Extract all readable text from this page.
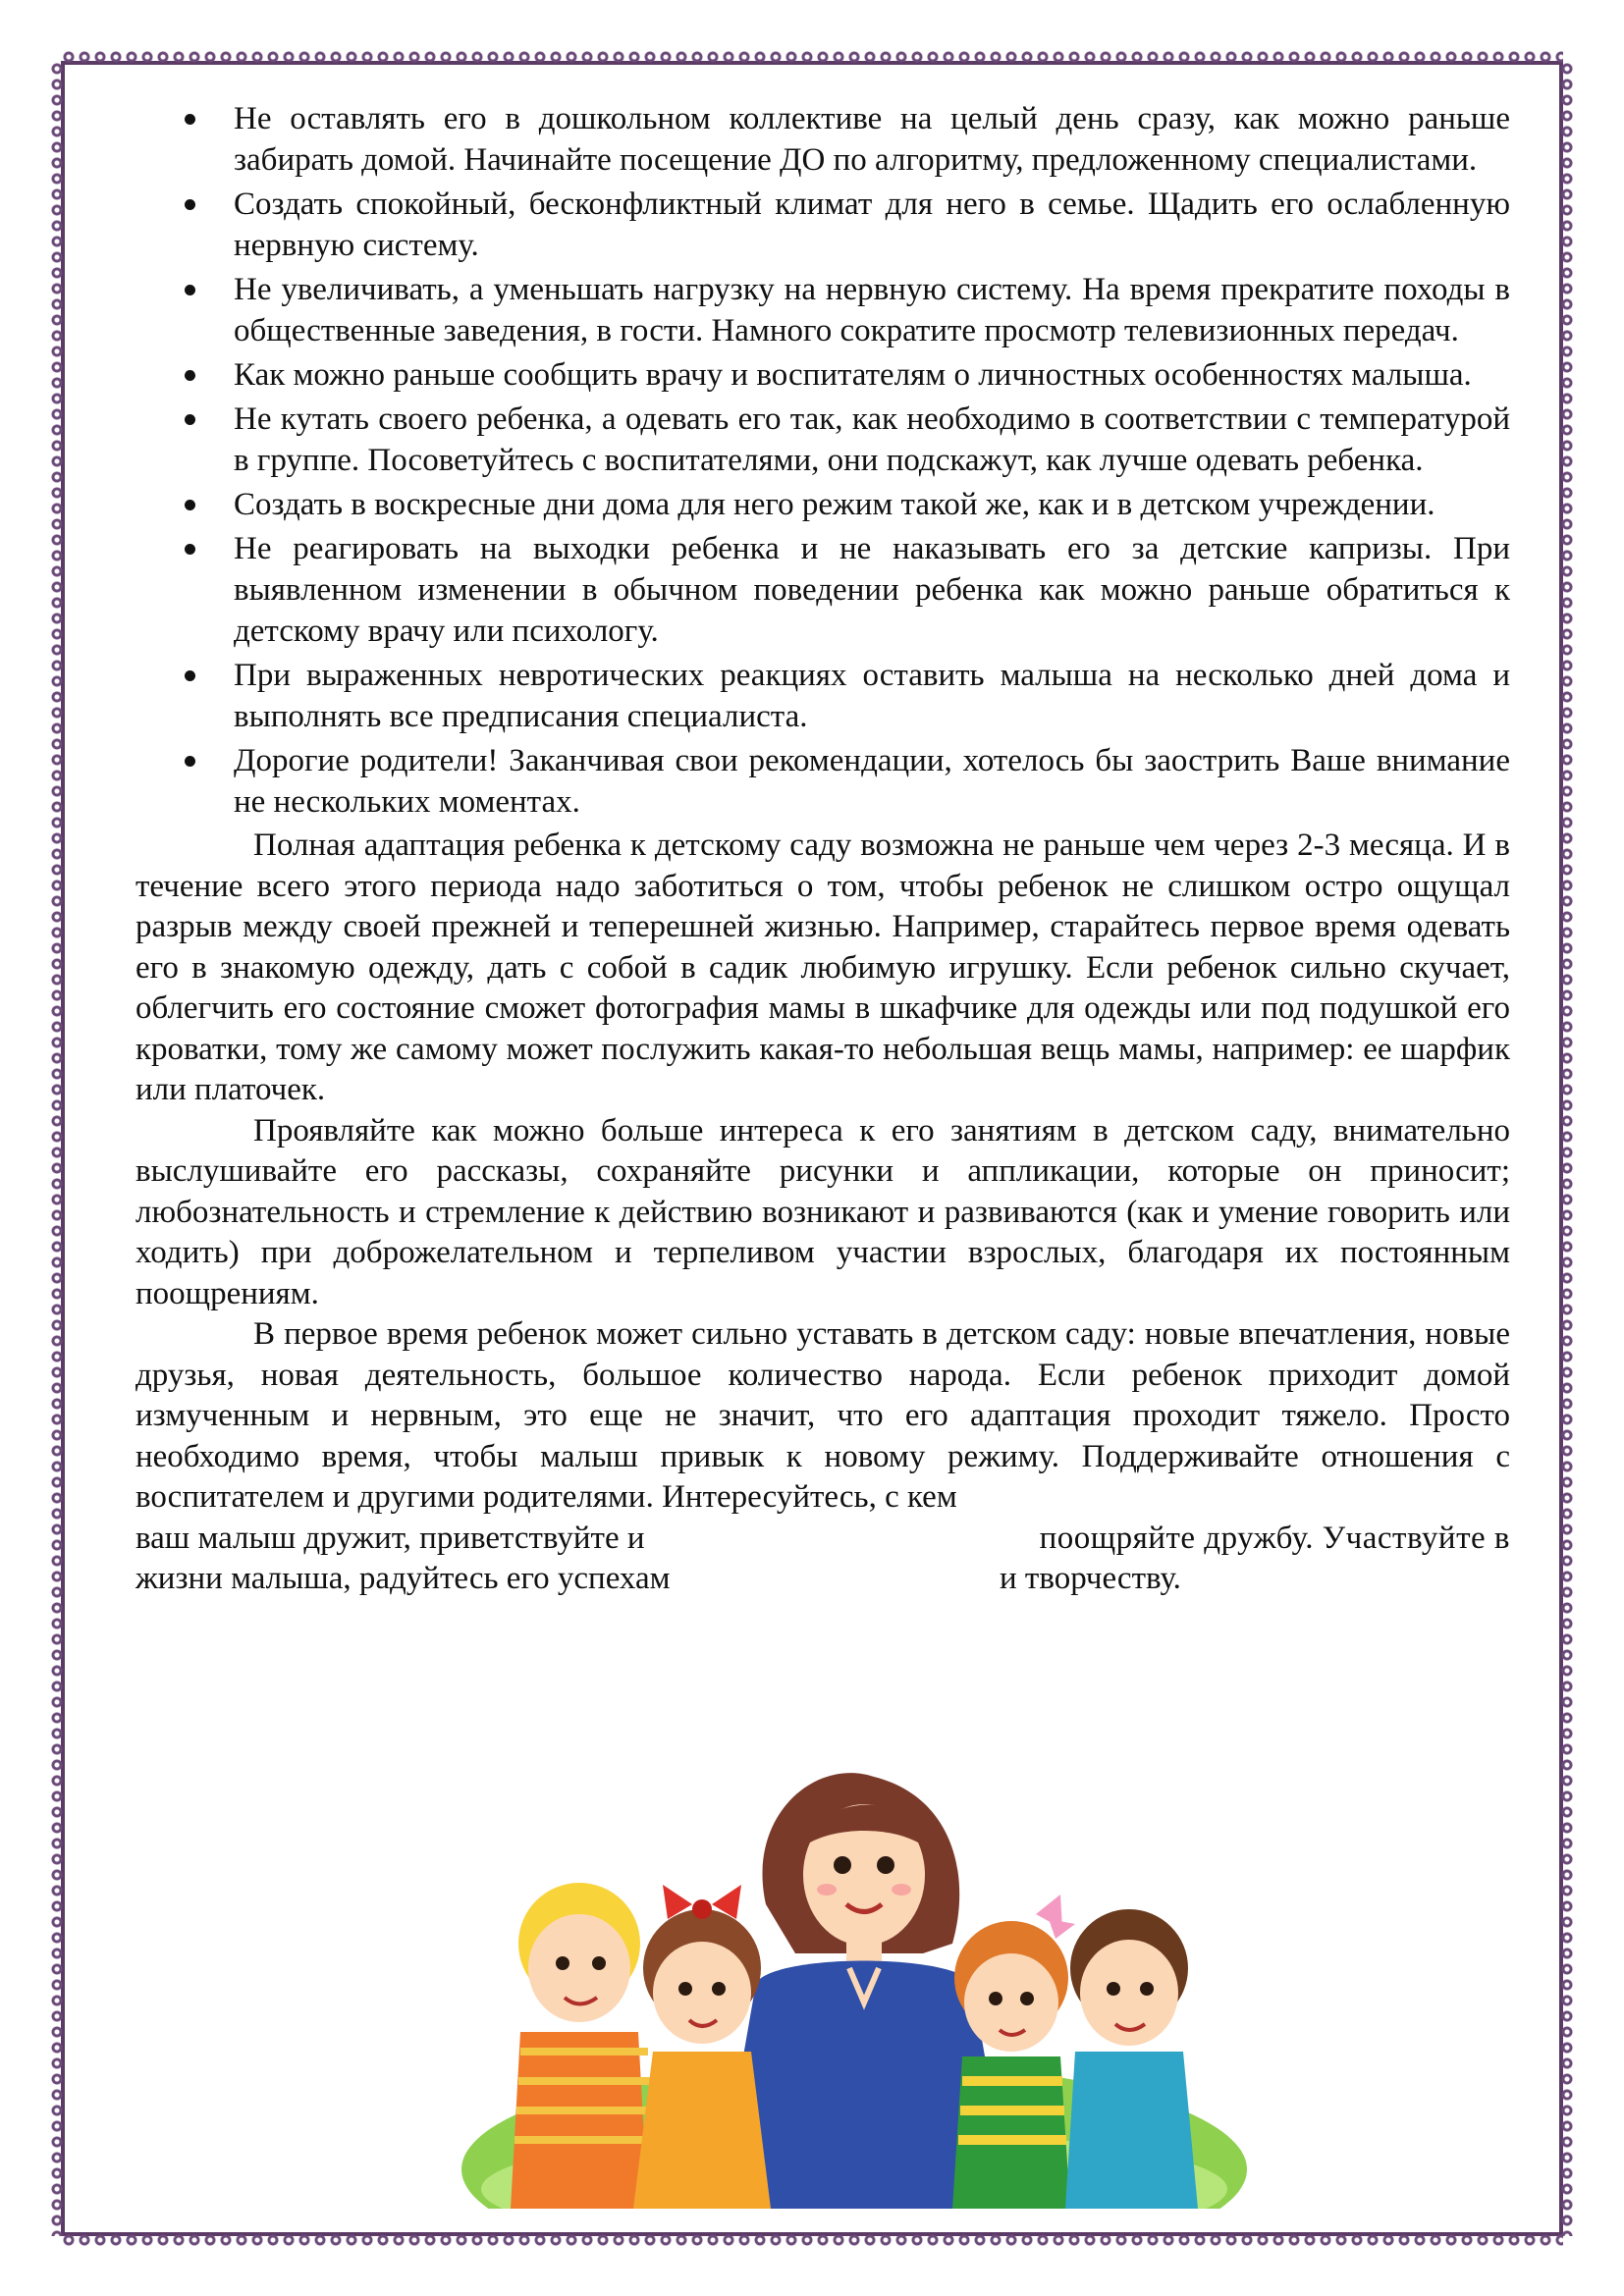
Не оставлять его в дошкольном коллективе на целый день сразу, как можно раньше забирать домой. Начинайте посещение ДО по алгоритму, предложенному специалистами.
Создать спокойный, бесконфликтный климат для него в семье. Щадить его ослабленную нервную систему.
Не увеличивать, а уменьшать нагрузку на нервную систему. На время прекратите походы в общественные заведения, в гости. Намного сократите просмотр телевизионных передач.
Как можно раньше сообщить врачу и воспитателям о личностных особенностях малыша.
Не кутать своего ребенка, а одевать его так, как необходимо в соответствии с температурой в группе. Посоветуйтесь с воспитателями, они подскажут, как лучше одевать ребенка.
Создать в воскресные дни дома для него режим такой же, как и в детском учреждении.
Не реагировать на выходки ребенка и не наказывать его за детские капризы. При выявленном изменении в обычном поведении ребенка как можно раньше обратиться к детскому врачу или психологу.
При выраженных невротических реакциях оставить малыша на несколько дней дома и выполнять все предписания специалиста.
Дорогие родители! Заканчивая свои рекомендации, хотелось бы заострить Ваше внимание не нескольких моментах.

Полная адаптация ребенка к детскому саду возможна не раньше чем через 2-3 месяца. И в течение всего этого периода надо заботиться о том, чтобы ребенок не слишком остро ощущал разрыв между своей прежней и теперешней жизнью. Например, старайтесь первое время одевать его в знакомую одежду, дать с собой в садик любимую игрушку. Если ребенок сильно скучает, облегчить его состояние сможет фотография мамы в шкафчике для одежды или под подушкой его кроватки, тому же самому может послужить какая-то небольшая вещь мамы, например: ее шарфик или платочек.

Проявляйте как можно больше интереса к его занятиям в детском саду, внимательно выслушивайте его рассказы, сохраняйте рисунки и аппликации, которые он приносит; любознательность и стремление к действию возникают и развиваются (как и умение говорить или ходить) при доброжелательном и терпеливом участии взрослых, благодаря их постоянным поощрениям.

В первое время ребенок может сильно уставать в детском саду: новые впечатления, новые друзья, новая деятельность, большое количество народа. Если ребенок приходит домой измученным и нервным, это еще не значит, что его адаптация проходит тяжело. Просто необходимо время, чтобы малыш привык к новому режиму. Поддерживайте отношения с воспитателем и другими родителями. Интересуйтесь, с кем

ваш малыш дружит, приветствуйте и	поощряйте дружбу. Участвуйте в
жизни малыша, радуйтесь его успехам	и творчеству.
